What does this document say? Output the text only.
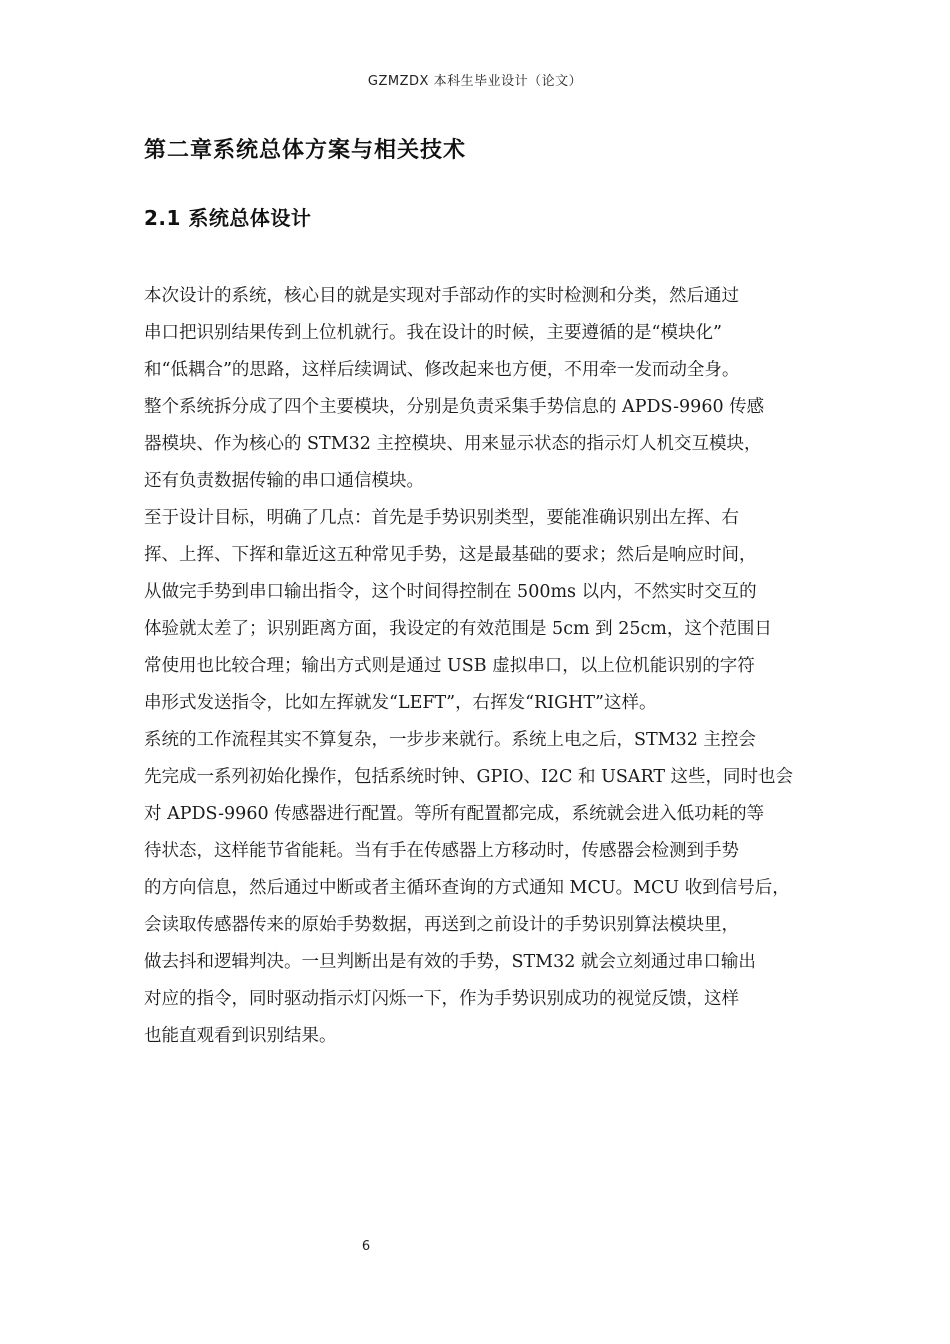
GZMZDX 本科生毕业设计（论文）
第二章系统总体方案与相关技术
2.1 系统总体设计
本次设计的系统，核心目的就是实现对手部动作的实时检测和分类，然后通过
串口把识别结果传到上位机就行。我在设计的时候，主要遵循的是“模块化”
和“低耦合”的思路，这样后续调试、修改起来也方便，不用牵一发而动全身。
整个系统拆分成了四个主要模块，分别是负责采集手势信息的 APDS-9960 传感
器模块、作为核心的 STM32 主控模块、用来显示状态的指示灯人机交互模块，
还有负责数据传输的串口通信模块。
至于设计目标，明确了几点：首先是手势识别类型，要能准确识别出左挥、右
挥、上挥、下挥和靠近这五种常见手势，这是最基础的要求；然后是响应时间，
从做完手势到串口输出指令，这个时间得控制在 500ms 以内，不然实时交互的
体验就太差了；识别距离方面，我设定的有效范围是 5cm 到 25cm，这个范围日
常使用也比较合理；输出方式则是通过 USB 虚拟串口，以上位机能识别的字符
串形式发送指令，比如左挥就发“LEFT”，右挥发“RIGHT”这样。
系统的工作流程其实不算复杂，一步步来就行。系统上电之后，STM32 主控会
先完成一系列初始化操作，包括系统时钟、GPIO、I2C 和 USART 这些，同时也会
对 APDS-9960 传感器进行配置。等所有配置都完成，系统就会进入低功耗的等
待状态，这样能节省能耗。当有手在传感器上方移动时，传感器会检测到手势
的方向信息，然后通过中断或者主循环查询的方式通知 MCU。MCU 收到信号后，
会读取传感器传来的原始手势数据，再送到之前设计的手势识别算法模块里，
做去抖和逻辑判决。一旦判断出是有效的手势，STM32 就会立刻通过串口输出
对应的指令，同时驱动指示灯闪烁一下，作为手势识别成功的视觉反馈，这样
也能直观看到识别结果。
6
